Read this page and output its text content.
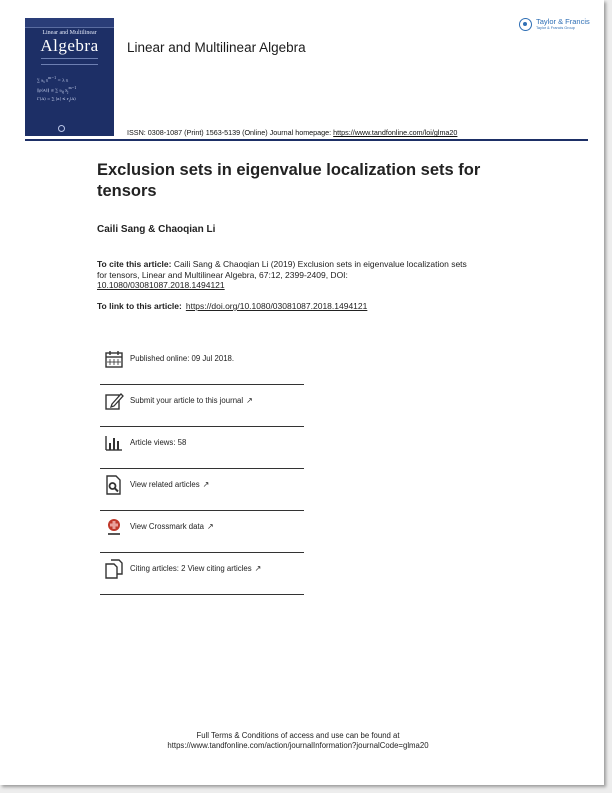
Linear and Multilinear
Algebra
∑ $a_i$ $x^{m-1} = \lambda$ x
‖ρ(A)‖ ≤ ∑ $a_{ij}$ $x_j^{m-1}$
Γ(A) = ∑ $|a| \le r_i(A)$
Linear and Multilinear Algebra
Taylor & Francis
Taylor & Francis Group
ISSN: 0308-1087 (Print) 1563-5139 (Online) Journal homepage: https://www.tandfonline.com/loi/glma20
Exclusion sets in eigenvalue localization sets for tensors
Caili Sang & Chaoqian Li
To cite this article: Caili Sang & Chaoqian Li (2019) Exclusion sets in eigenvalue localization sets for tensors, Linear and Multilinear Algebra, 67:12, 2399-2409, DOI: 10.1080/03081087.2018.1494121
To link to this article: https://doi.org/10.1080/03081087.2018.1494121
Published online: 09 Jul 2018.
Submit your article to this journal ↗
Article views: 58
View related articles ↗
View Crossmark data ↗
Citing articles: 2 View citing articles ↗
Full Terms & Conditions of access and use can be found at
https://www.tandfonline.com/action/journalInformation?journalCode=glma20
